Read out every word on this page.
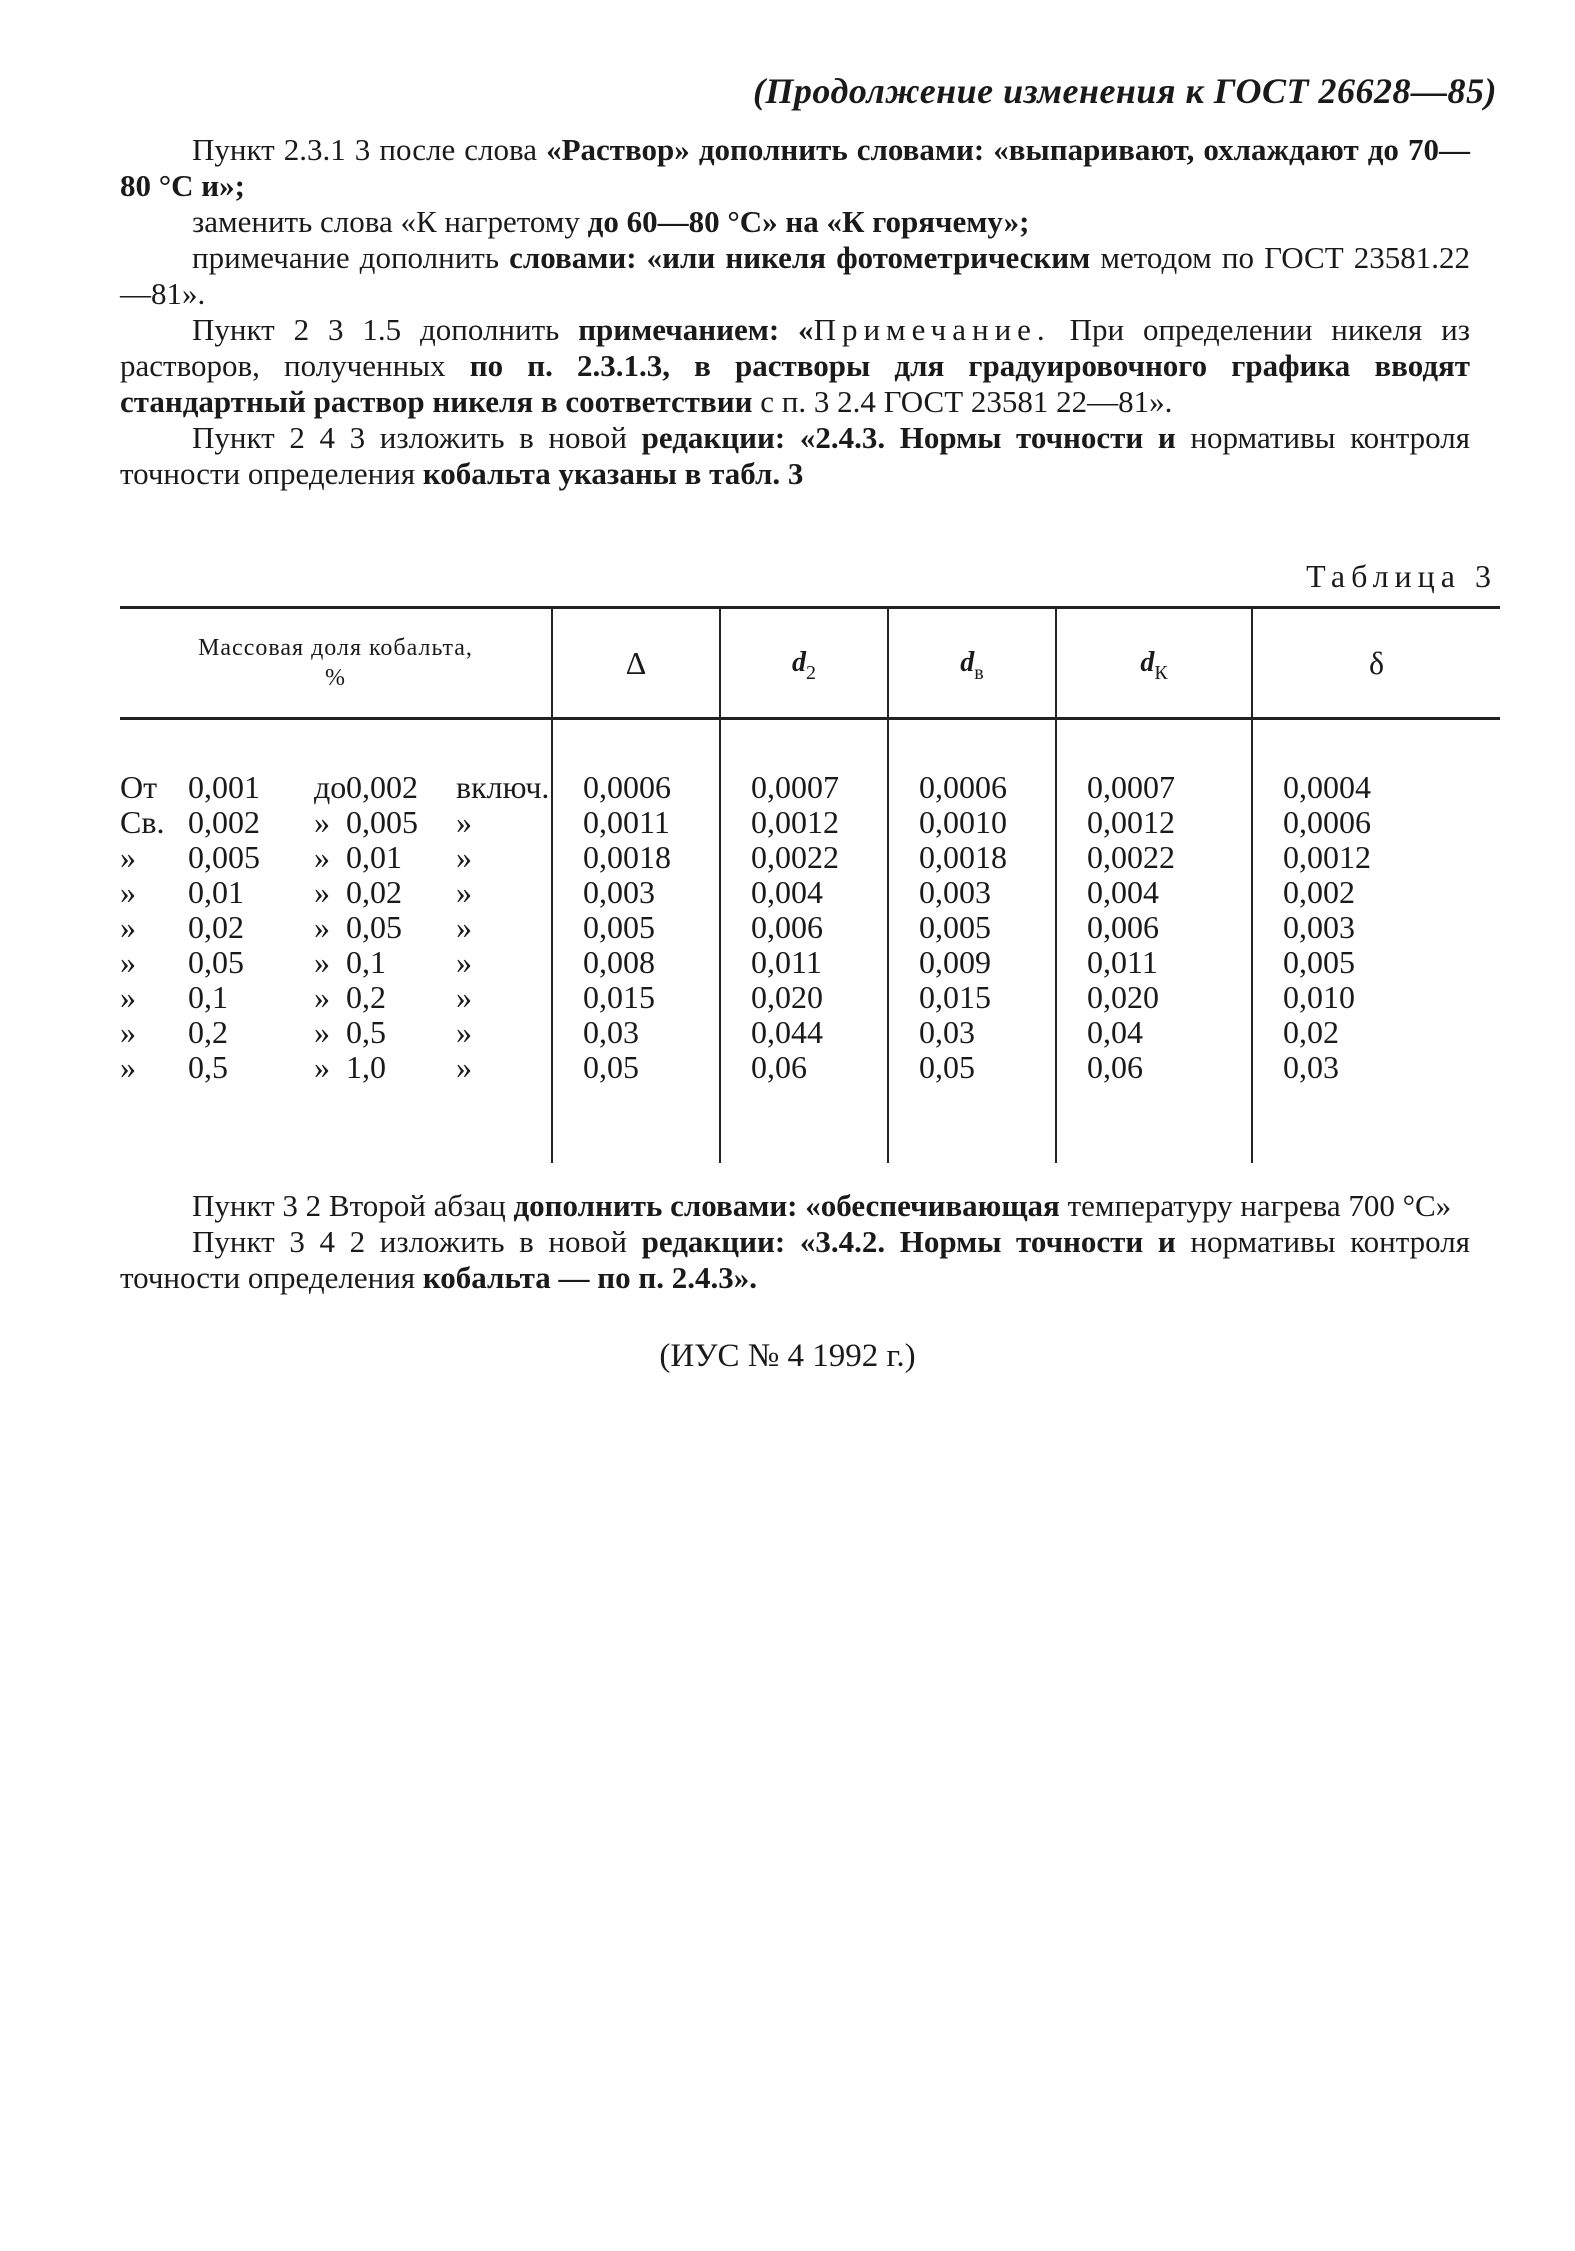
(Продолжение изменения к ГОСТ 26628—85)

Пункт 2.3.1 3 после слова «Раствор» дополнить словами: «выпаривают, охлаждают до 70—80 °С и»;

заменить слова «К нагретому до 60—80 °С» на «К горячему»;

примечание дополнить словами: «или никеля фотометрическим методом по ГОСТ 23581.22—81».

Пункт 2 3 1.5 дополнить примечанием: «Примечание. При определении никеля из растворов, полученных по п. 2.3.1.3, в растворы для градуировочного графика вводят стандартный раствор никеля в соответствии с п. 3 2.4 ГОСТ 23581 22—81».

Пункт 2 4 3 изложить в новой редакции: «2.4.3. Нормы точности и нормативы контроля точности определения кобальта указаны в табл. 3

Таблица 3
Массовая доля кобальта,
%	Δ	$d_2$	$d_в$	$d_К$	δ

От 0,001 до 0,002 включ.	0,0006	0,0007	0,0006	0,0007	0,0004

Св. 0,002 » 0,005 »	0,0011	0,0012	0,0010	0,0012	0,0006

» 0,005 » 0,01 »	0,0018	0,0022	0,0018	0,0022	0,0012

» 0,01 » 0,02 »	0,003	0,004	0,003	0,004	0,002

» 0,02 » 0,05 »	0,005	0,006	0,005	0,006	0,003

» 0,05 » 0,1 »	0,008	0,011	0,009	0,011	0,005

» 0,1 » 0,2 »	0,015	0,020	0,015	0,020	0,010

» 0,2 » 0,5 »	0,03	0,044	0,03	0,04	0,02

» 0,5 » 1,0 »	0,05	0,06	0,05	0,06	0,03

Пункт 3 2 Второй абзац дополнить словами: «обеспечивающая температуру нагрева 700 °С»

Пункт 3 4 2 изложить в новой редакции: «3.4.2. Нормы точности и нормативы контроля точности определения кобальта — по п. 2.4.3».

(ИУС № 4 1992 г.)
